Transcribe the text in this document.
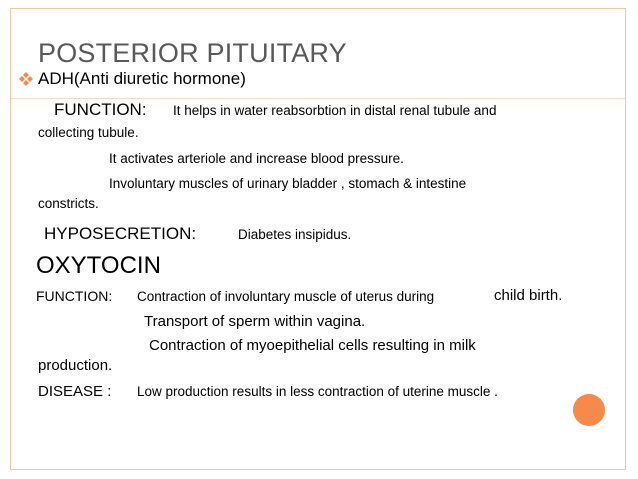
POSTERIOR PITUITARY
ADH(Anti diuretic hormone)
FUNCTION: It helps in water reabsorbtion in distal renal tubule and
collecting tubule.
It activates arteriole and increase blood pressure.
Involuntary muscles of urinary bladder , stomach & intestine
constricts.
HYPOSECRETION:	Diabetes insipidus.
OXYTOCIN
FUNCTION: Contraction of involuntary muscle of uterus during	child birth.
Transport of sperm within vagina.
Contraction of myoepithelial cells resulting in milk
production.
DISEASE : Low production results in less contraction of uterine muscle .
